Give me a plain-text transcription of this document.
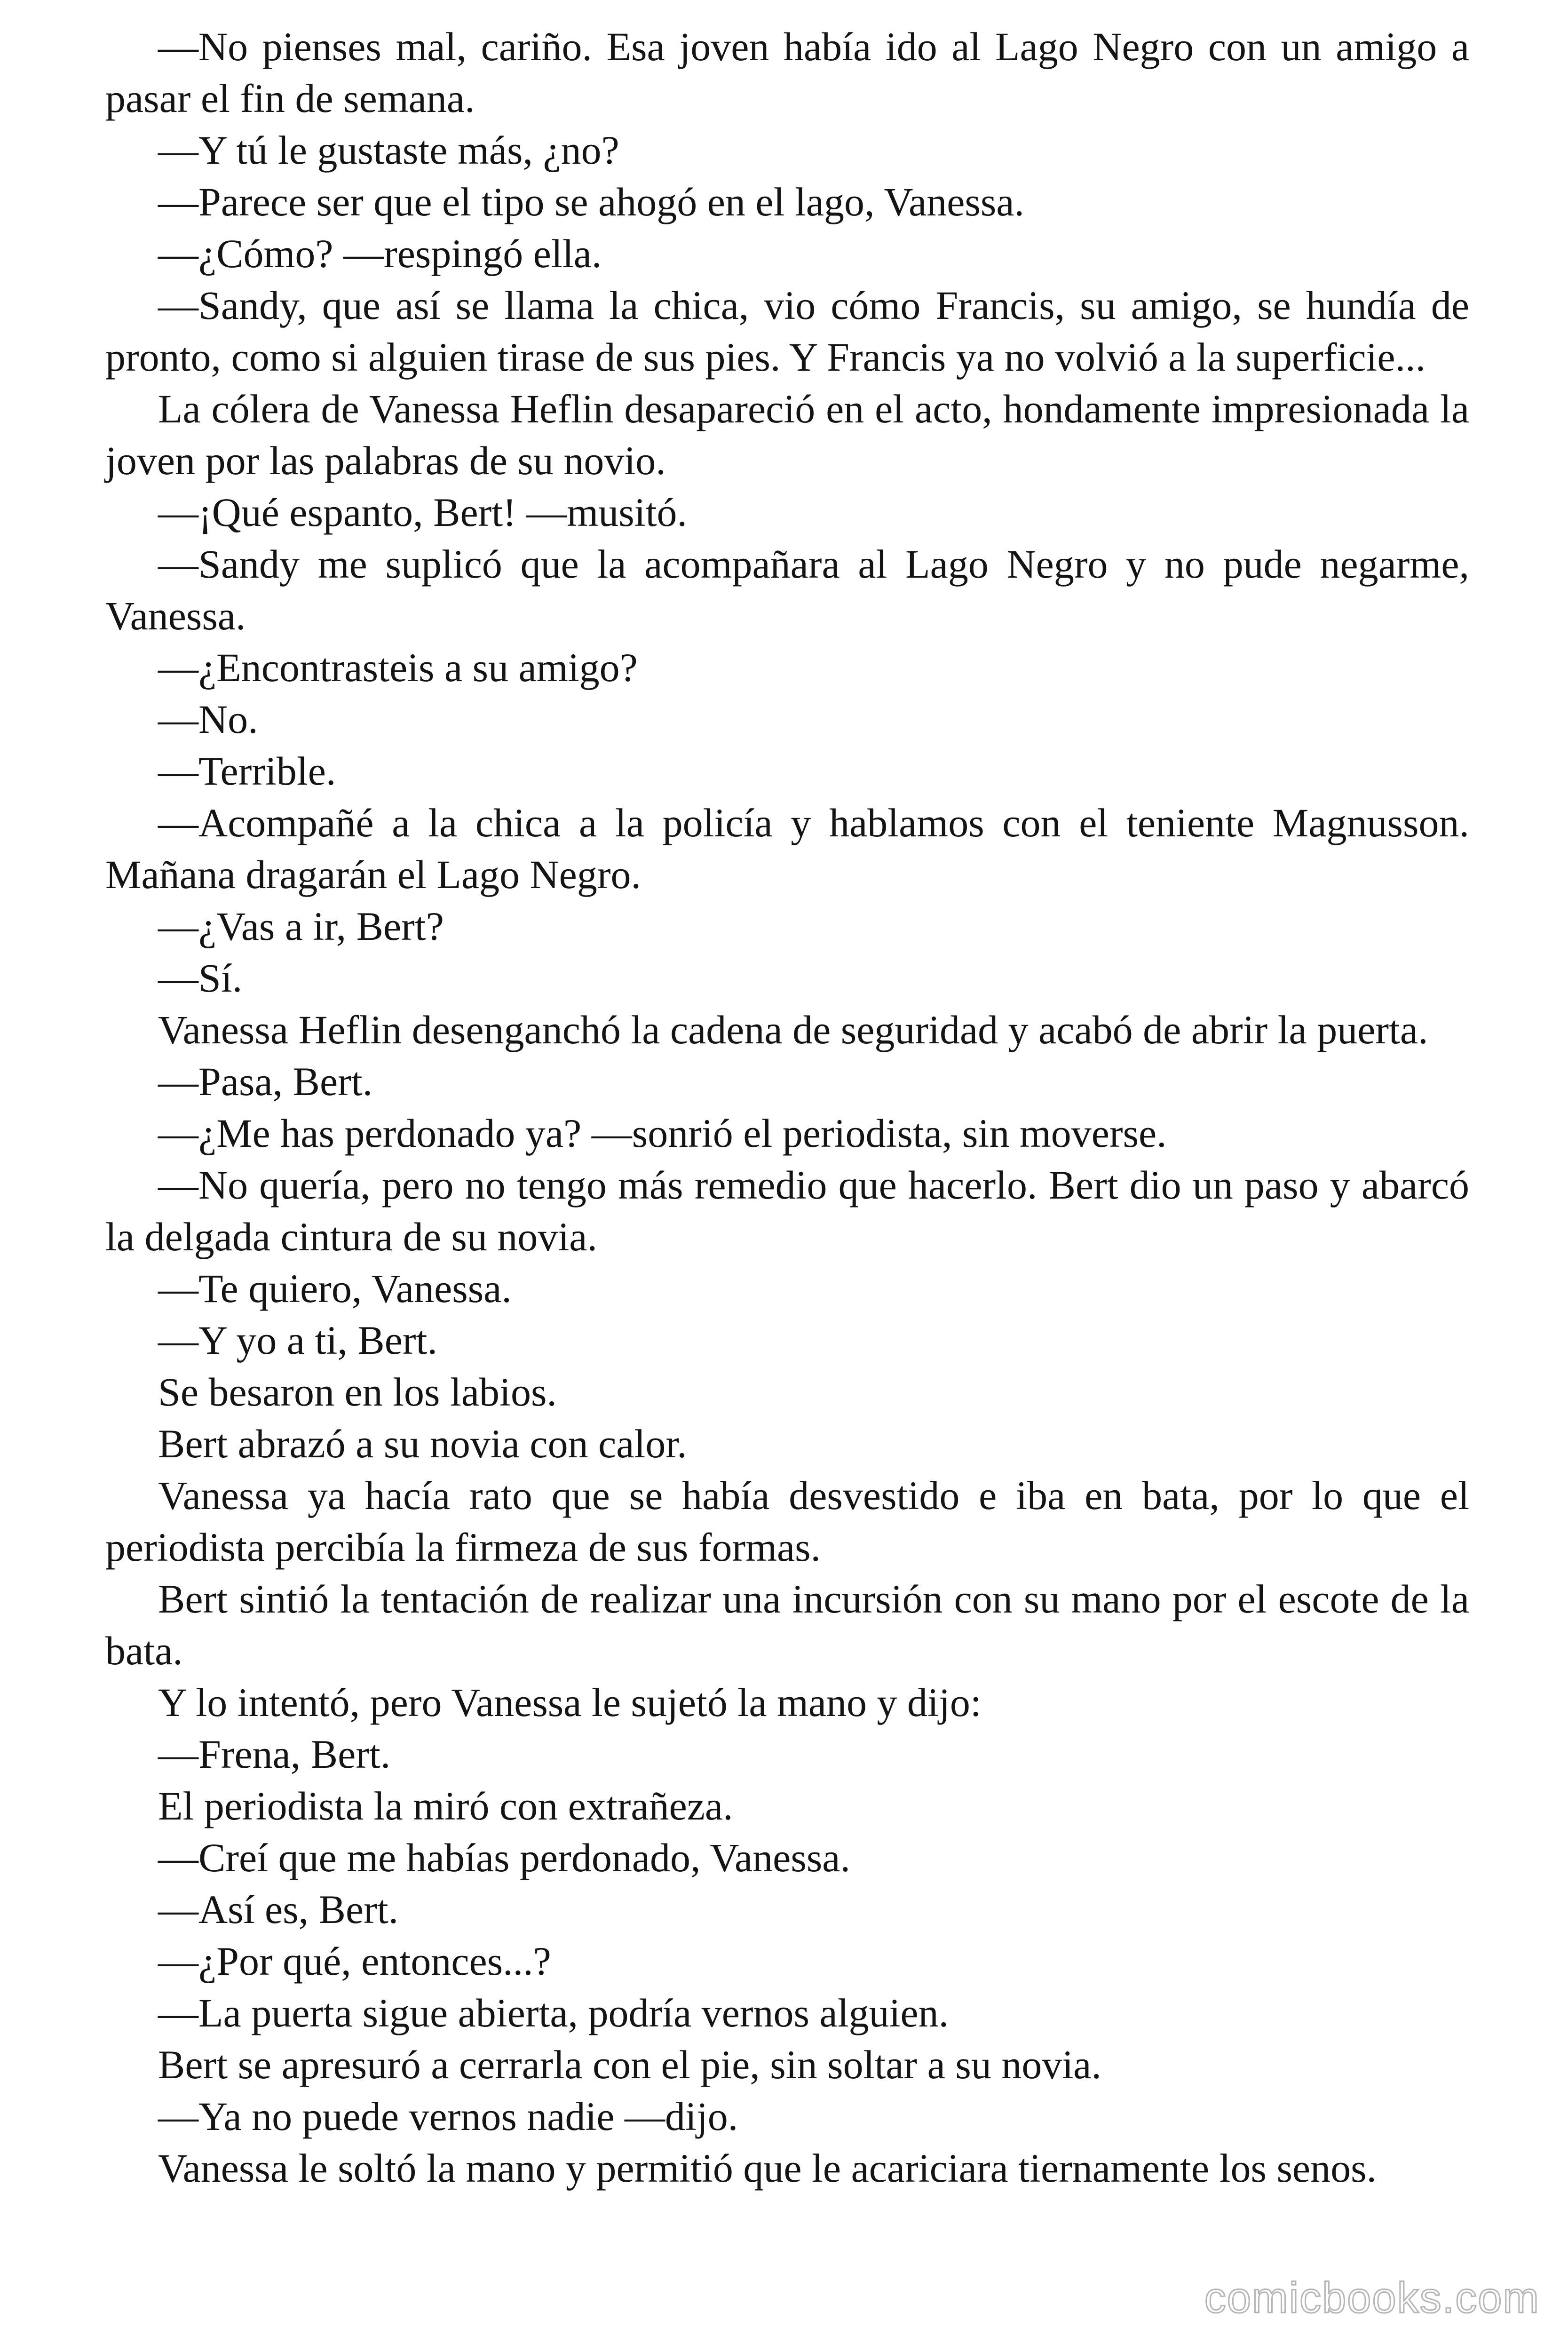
—No pienses mal, cariño. Esa joven había ido al Lago Negro con un amigo a pasar el fin de semana.

—Y tú le gustaste más, ¿no?

—Parece ser que el tipo se ahogó en el lago, Vanessa.

—¿Cómo? —respingó ella.

—Sandy, que así se llama la chica, vio cómo Francis, su amigo, se hundía de pronto, como si alguien tirase de sus pies. Y Francis ya no volvió a la superficie...

La cólera de Vanessa Heflin desapareció en el acto, hondamente impresionada la joven por las palabras de su novio.

—¡Qué espanto, Bert! —musitó.

—Sandy me suplicó que la acompañara al Lago Negro y no pude negarme, Vanessa.

—¿Encontrasteis a su amigo?

—No.

—Terrible.

—Acompañé a la chica a la policía y hablamos con el teniente Magnusson. Mañana dragarán el Lago Negro.

—¿Vas a ir, Bert?

—Sí.

Vanessa Heflin desenganchó la cadena de seguridad y acabó de abrir la puerta.

—Pasa, Bert.

—¿Me has perdonado ya? —sonrió el periodista, sin moverse.

—No quería, pero no tengo más remedio que hacerlo. Bert dio un paso y abarcó la delgada cintura de su novia.

—Te quiero, Vanessa.

—Y yo a ti, Bert.

Se besaron en los labios.

Bert abrazó a su novia con calor.

Vanessa ya hacía rato que se había desvestido e iba en bata, por lo que el periodista percibía la firmeza de sus formas.

Bert sintió la tentación de realizar una incursión con su mano por el escote de la bata.

Y lo intentó, pero Vanessa le sujetó la mano y dijo:

—Frena, Bert.

El periodista la miró con extrañeza.

—Creí que me habías perdonado, Vanessa.

—Así es, Bert.

—¿Por qué, entonces...?

—La puerta sigue abierta, podría vernos alguien.

Bert se apresuró a cerrarla con el pie, sin soltar a su novia.

—Ya no puede vernos nadie —dijo.

Vanessa le soltó la mano y permitió que le acariciara tiernamente los senos.

comicbooks.com
